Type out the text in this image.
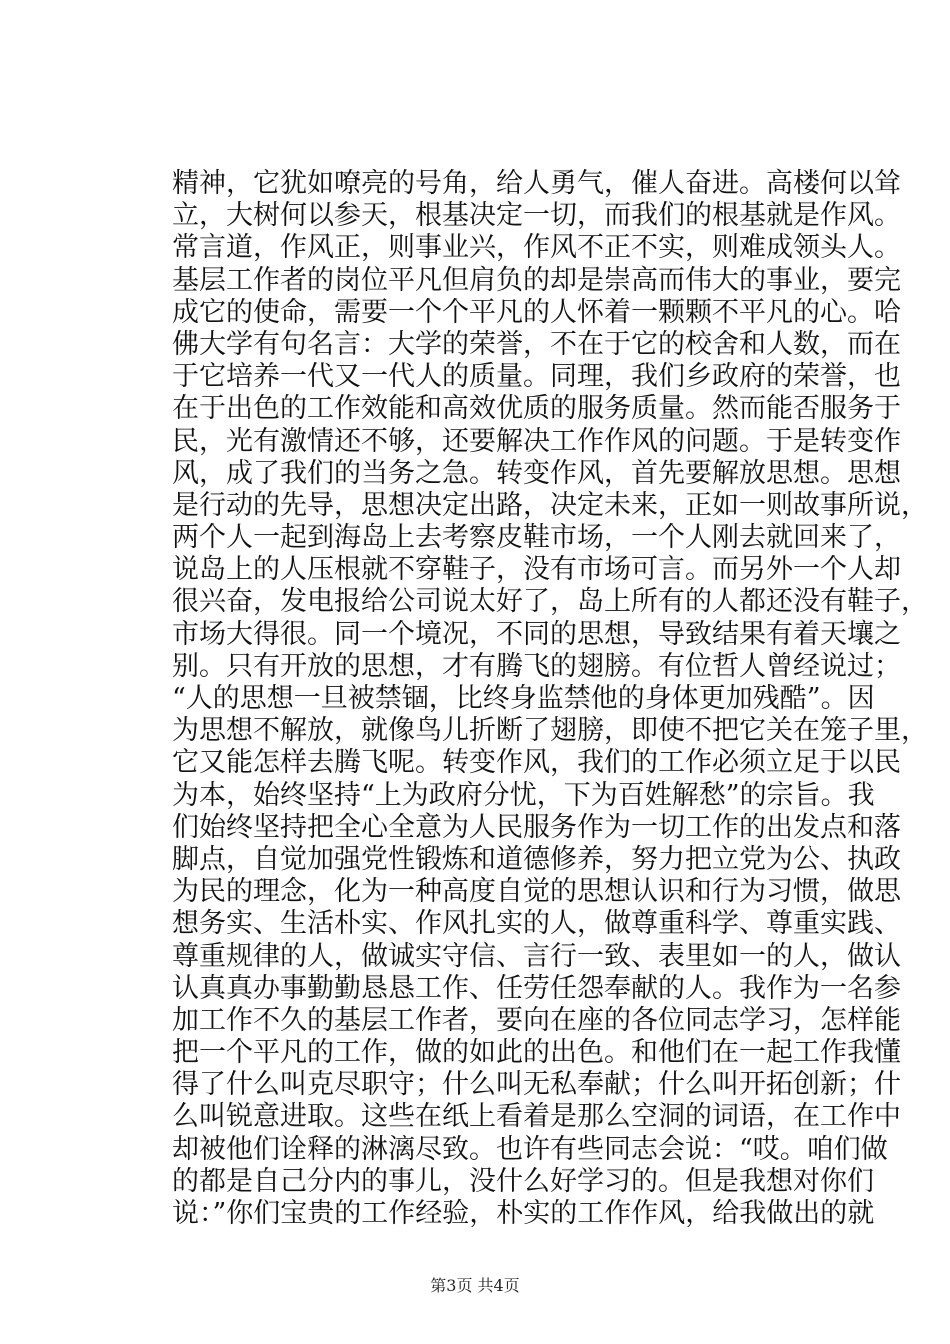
精神，它犹如嘹亮的号角，给人勇气，催人奋进。高楼何以耸
立，大树何以参天，根基决定一切，而我们的根基就是作风。
常言道，作风正，则事业兴，作风不正不实，则难成领头人。
基层工作者的岗位平凡但肩负的却是崇高而伟大的事业，要完
成它的使命，需要一个个平凡的人怀着一颗颗不平凡的心。哈
佛大学有句名言：大学的荣誉，不在于它的校舍和人数，而在
于它培养一代又一代人的质量。同理，我们乡政府的荣誉，也
在于出色的工作效能和高效优质的服务质量。然而能否服务于
民，光有激情还不够，还要解决工作作风的问题。于是转变作
风，成了我们的当务之急。转变作风，首先要解放思想。思想
是行动的先导，思想决定出路，决定未来，正如一则故事所说，
两个人一起到海岛上去考察皮鞋市场，一个人刚去就回来了，
说岛上的人压根就不穿鞋子，没有市场可言。而另外一个人却
很兴奋，发电报给公司说太好了，岛上所有的人都还没有鞋子，
市场大得很。同一个境况，不同的思想，导致结果有着天壤之
别。只有开放的思想，才有腾飞的翅膀。有位哲人曾经说过；
“人的思想一旦被禁锢，比终身监禁他的身体更加残酷”。因
为思想不解放，就像鸟儿折断了翅膀，即使不把它关在笼子里，
它又能怎样去腾飞呢。转变作风，我们的工作必须立足于以民
为本，始终坚持“上为政府分忧，下为百姓解愁”的宗旨。我
们始终坚持把全心全意为人民服务作为一切工作的出发点和落
脚点，自觉加强党性锻炼和道德修养，努力把立党为公、执政
为民的理念，化为一种高度自觉的思想认识和行为习惯，做思
想务实、生活朴实、作风扎实的人，做尊重科学、尊重实践、
尊重规律的人，做诚实守信、言行一致、表里如一的人，做认
认真真办事勤勤恳恳工作、任劳任怨奉献的人。我作为一名参
加工作不久的基层工作者，要向在座的各位同志学习，怎样能
把一个平凡的工作，做的如此的出色。和他们在一起工作我懂
得了什么叫克尽职守；什么叫无私奉献；什么叫开拓创新；什
么叫锐意进取。这些在纸上看着是那么空洞的词语，在工作中
却被他们诠释的淋漓尽致。也许有些同志会说：“哎。咱们做
的都是自己分内的事儿，没什么好学习的。但是我想对你们
说：”你们宝贵的工作经验，朴实的工作作风，给我做出的就
第3页 共4页
